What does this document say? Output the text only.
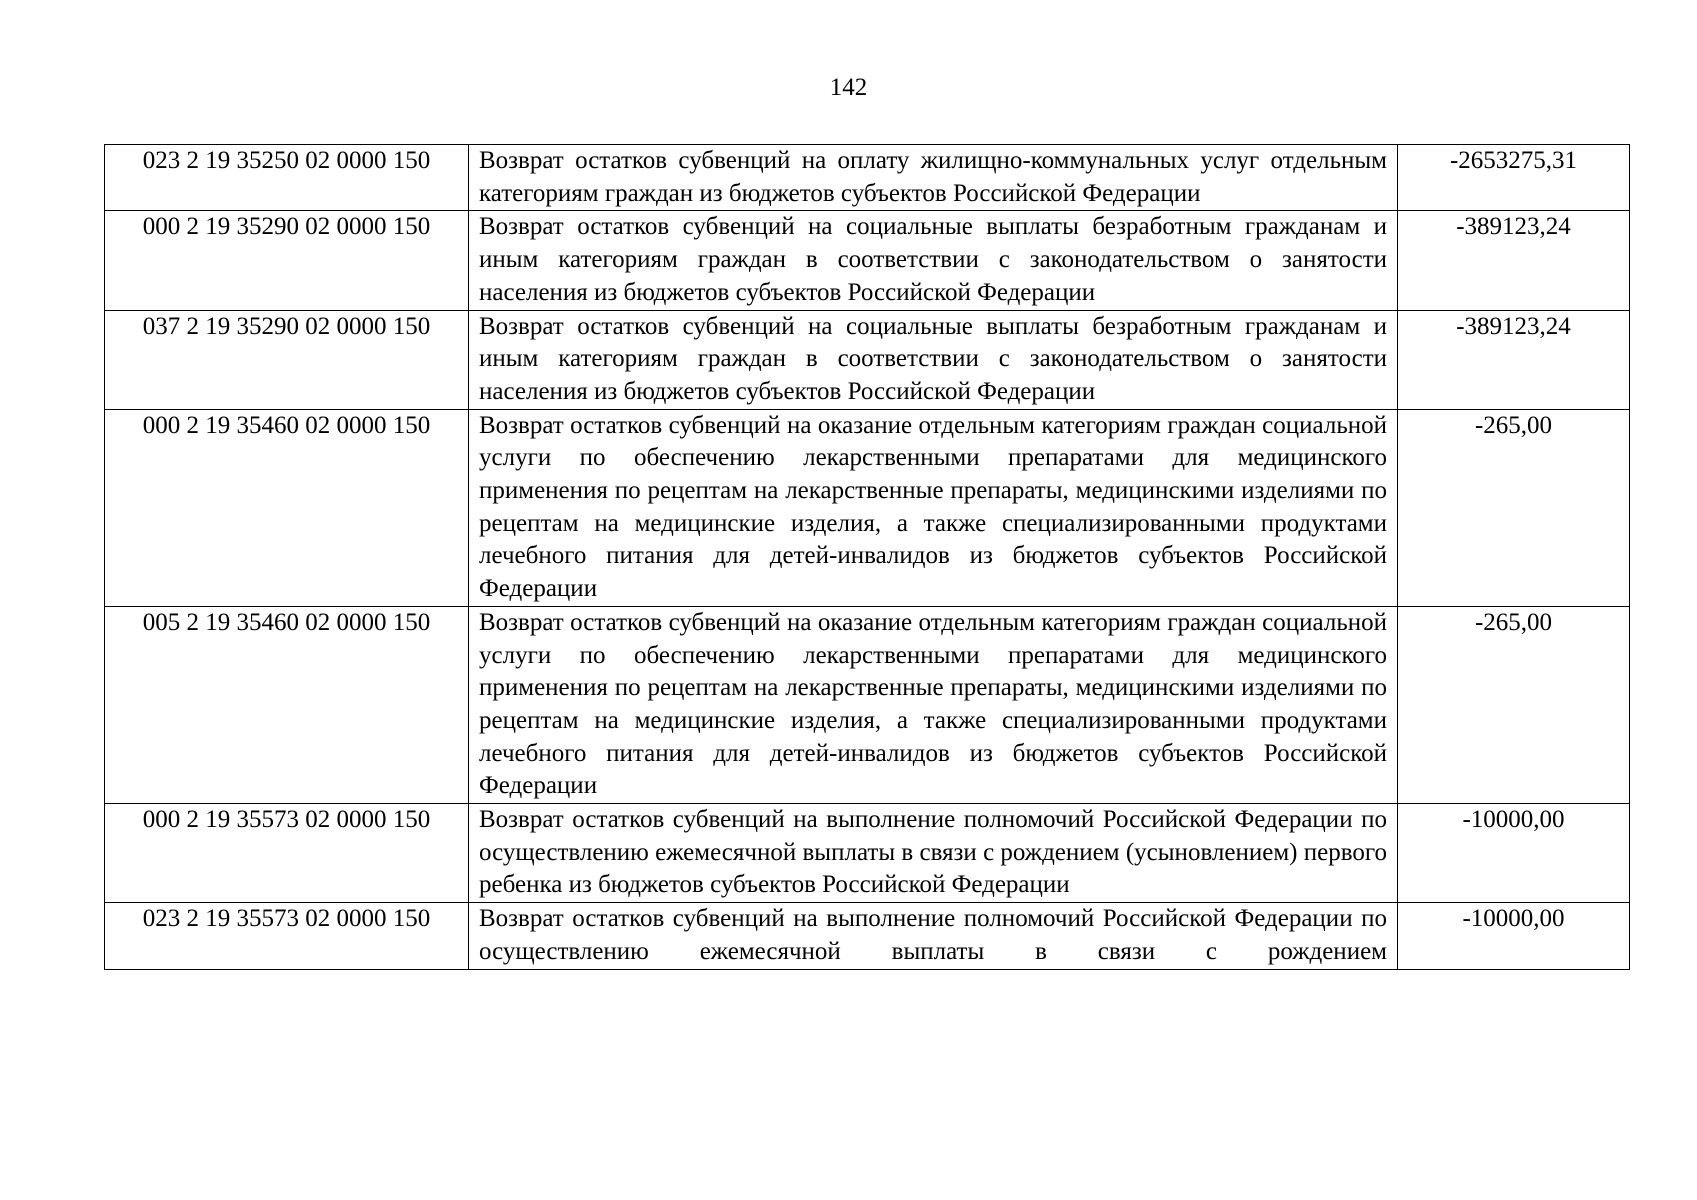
142
023 2 19 35250 02 0000 150	Возврат остатков субвенций на оплату жилищно-коммунальных услуг отдельным категориям граждан из бюджетов субъектов Российской Федерации	-2653275,31
000 2 19 35290 02 0000 150	Возврат остатков субвенций на социальные выплаты безработным гражданам и иным категориям граждан в соответствии с законодательством о занятости населения из бюджетов субъектов Российской Федерации	-389123,24
037 2 19 35290 02 0000 150	Возврат остатков субвенций на социальные выплаты безработным гражданам и иным категориям граждан в соответствии с законодательством о занятости населения из бюджетов субъектов Российской Федерации	-389123,24
000 2 19 35460 02 0000 150	Возврат остатков субвенций на оказание отдельным категориям граждан социальной услуги по обеспечению лекарственными препаратами для медицинского применения по рецептам на лекарственные препараты, медицинскими изделиями по рецептам на медицинские изделия, а также специализированными продуктами лечебного питания для детей-инвалидов из бюджетов субъектов Российской Федерации	-265,00
005 2 19 35460 02 0000 150	Возврат остатков субвенций на оказание отдельным категориям граждан социальной услуги по обеспечению лекарственными препаратами для медицинского применения по рецептам на лекарственные препараты, медицинскими изделиями по рецептам на медицинские изделия, а также специализированными продуктами лечебного питания для детей-инвалидов из бюджетов субъектов Российской Федерации	-265,00
000 2 19 35573 02 0000 150	Возврат остатков субвенций на выполнение полномочий Российской Федерации по осуществлению ежемесячной выплаты в связи с рождением (усыновлением) первого ребенка из бюджетов субъектов Российской Федерации	-10000,00
023 2 19 35573 02 0000 150	Возврат остатков субвенций на выполнение полномочий Российской Федерации по осуществлению ежемесячной выплаты в связи с рождением	-10000,00
